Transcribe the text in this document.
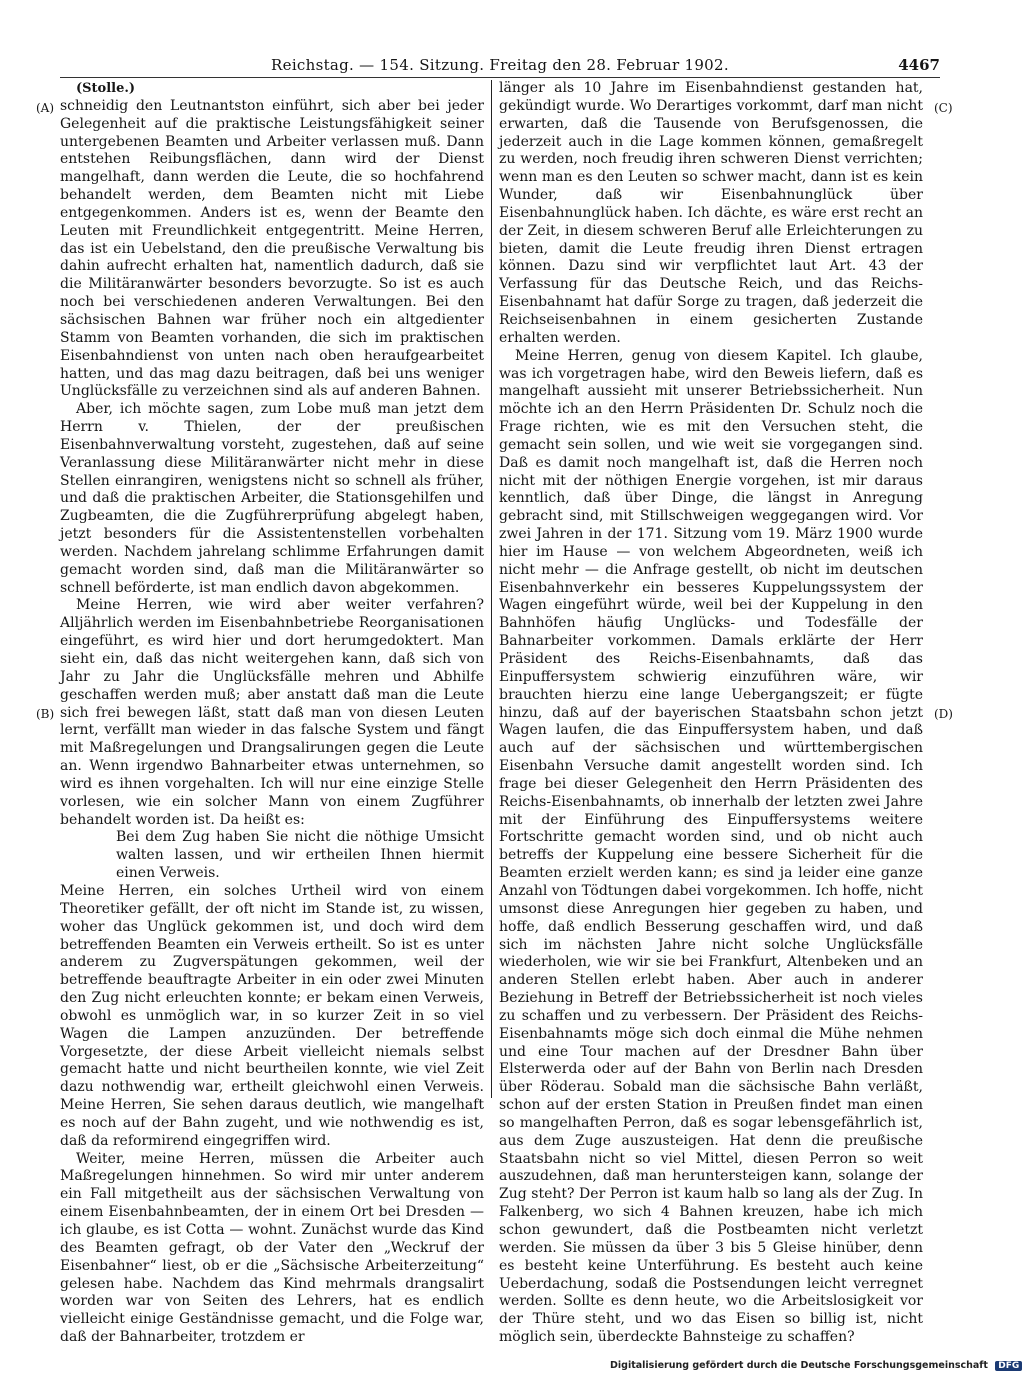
Reichstag. — 154. Sitzung. Freitag den 28. Februar 1902.	4467
(A)
(B)
(C)
(D)

(Stolle.)

schneidig den Leutnantston einführt, sich aber bei jeder Gelegenheit auf die praktische Leistungsfähigkeit seiner untergebenen Beamten und Arbeiter verlassen muß. Dann entstehen Reibungsflächen, dann wird der Dienst mangelhaft, dann werden die Leute, die so hochfahrend behandelt werden, dem Beamten nicht mit Liebe entgegenkommen. Anders ist es, wenn der Beamte den Leuten mit Freundlichkeit entgegentritt. Meine Herren, das ist ein Uebelstand, den die preußische Verwaltung bis dahin aufrecht erhalten hat, namentlich dadurch, daß sie die Militäranwärter besonders bevorzugte. So ist es auch noch bei verschiedenen anderen Verwaltungen. Bei den sächsischen Bahnen war früher noch ein altgedienter Stamm von Beamten vorhanden, die sich im praktischen Eisenbahndienst von unten nach oben heraufgearbeitet hatten, und das mag dazu beitragen, daß bei uns weniger Unglücksfälle zu verzeichnen sind als auf anderen Bahnen.

Aber, ich möchte sagen, zum Lobe muß man jetzt dem Herrn v. Thielen, der der preußischen Eisenbahnverwaltung vorsteht, zugestehen, daß auf seine Veranlassung diese Militäranwärter nicht mehr in diese Stellen einrangiren, wenigstens nicht so schnell als früher, und daß die praktischen Arbeiter, die Stationsgehilfen und Zugbeamten, die die Zugführerprüfung abgelegt haben, jetzt besonders für die Assistentenstellen vorbehalten werden. Nachdem jahrelang schlimme Erfahrungen damit gemacht worden sind, daß man die Militäranwärter so schnell beförderte, ist man endlich davon abgekommen.

Meine Herren, wie wird aber weiter verfahren? Alljährlich werden im Eisenbahnbetriebe Reorganisationen eingeführt, es wird hier und dort herumgedoktert. Man sieht ein, daß das nicht weitergehen kann, daß sich von Jahr zu Jahr die Unglücksfälle mehren und Abhilfe geschaffen werden muß; aber anstatt daß man die Leute sich frei bewegen läßt, statt daß man von diesen Leuten lernt, verfällt man wieder in das falsche System und fängt mit Maßregelungen und Drangsalirungen gegen die Leute an. Wenn irgendwo Bahnarbeiter etwas unternehmen, so wird es ihnen vorgehalten. Ich will nur eine einzige Stelle vorlesen, wie ein solcher Mann von einem Zugführer behandelt worden ist. Da heißt es:

Bei dem Zug haben Sie nicht die nöthige Umsicht walten lassen, und wir ertheilen Ihnen hiermit einen Verweis.

Meine Herren, ein solches Urtheil wird von einem Theoretiker gefällt, der oft nicht im Stande ist, zu wissen, woher das Unglück gekommen ist, und doch wird dem betreffenden Beamten ein Verweis ertheilt. So ist es unter anderem zu Zugverspätungen gekommen, weil der betreffende beauftragte Arbeiter in ein oder zwei Minuten den Zug nicht erleuchten konnte; er bekam einen Verweis, obwohl es unmöglich war, in so kurzer Zeit in so viel Wagen die Lampen anzuzünden. Der betreffende Vorgesetzte, der diese Arbeit vielleicht niemals selbst gemacht hatte und nicht beurtheilen konnte, wie viel Zeit dazu nothwendig war, ertheilt gleichwohl einen Verweis. Meine Herren, Sie sehen daraus deutlich, wie mangelhaft es noch auf der Bahn zugeht, und wie nothwendig es ist, daß da reformirend eingegriffen wird.

Weiter, meine Herren, müssen die Arbeiter auch Maßregelungen hinnehmen. So wird mir unter anderem ein Fall mitgetheilt aus der sächsischen Verwaltung von einem Eisenbahnbeamten, der in einem Ort bei Dresden — ich glaube, es ist Cotta — wohnt. Zunächst wurde das Kind des Beamten gefragt, ob der Vater den „Weckruf der Eisenbahner“ liest, ob er die „Sächsische Arbeiterzeitung“ gelesen habe. Nachdem das Kind mehrmals drangsalirt worden war von Seiten des Lehrers, hat es endlich vielleicht einige Geständnisse gemacht, und die Folge war, daß der Bahnarbeiter, trotzdem er

länger als 10 Jahre im Eisenbahndienst gestanden hat, gekündigt wurde. Wo Derartiges vorkommt, darf man nicht erwarten, daß die Tausende von Berufsgenossen, die jederzeit auch in die Lage kommen können, gemaßregelt zu werden, noch freudig ihren schweren Dienst verrichten; wenn man es den Leuten so schwer macht, dann ist es kein Wunder, daß wir Eisenbahnunglück über Eisenbahnunglück haben. Ich dächte, es wäre erst recht an der Zeit, in diesem schweren Beruf alle Erleichterungen zu bieten, damit die Leute freudig ihren Dienst ertragen können. Dazu sind wir verpflichtet laut Art. 43 der Verfassung für das Deutsche Reich, und das Reichs-Eisenbahnamt hat dafür Sorge zu tragen, daß jederzeit die Reichseisenbahnen in einem gesicherten Zustande erhalten werden.

Meine Herren, genug von diesem Kapitel. Ich glaube, was ich vorgetragen habe, wird den Beweis liefern, daß es mangelhaft aussieht mit unserer Betriebssicherheit. Nun möchte ich an den Herrn Präsidenten Dr. Schulz noch die Frage richten, wie es mit den Versuchen steht, die gemacht sein sollen, und wie weit sie vorgegangen sind. Daß es damit noch mangelhaft ist, daß die Herren noch nicht mit der nöthigen Energie vorgehen, ist mir daraus kenntlich, daß über Dinge, die längst in Anregung gebracht sind, mit Stillschweigen weggegangen wird. Vor zwei Jahren in der 171. Sitzung vom 19. März 1900 wurde hier im Hause — von welchem Abgeordneten, weiß ich nicht mehr — die Anfrage gestellt, ob nicht im deutschen Eisenbahnverkehr ein besseres Kuppelungssystem der Wagen eingeführt würde, weil bei der Kuppelung in den Bahnhöfen häufig Unglücks- und Todesfälle der Bahnarbeiter vorkommen. Damals erklärte der Herr Präsident des Reichs-Eisenbahnamts, daß das Einpuffersystem schwierig einzuführen wäre, wir brauchten hierzu eine lange Uebergangszeit; er fügte hinzu, daß auf der bayerischen Staatsbahn schon jetzt Wagen laufen, die das Einpuffersystem haben, und daß auch auf der sächsischen und württembergischen Eisenbahn Versuche damit angestellt worden sind. Ich frage bei dieser Gelegenheit den Herrn Präsidenten des Reichs-Eisenbahnamts, ob innerhalb der letzten zwei Jahre mit der Einführung des Einpuffersystems weitere Fortschritte gemacht worden sind, und ob nicht auch betreffs der Kuppelung eine bessere Sicherheit für die Beamten erzielt werden kann; es sind ja leider eine ganze Anzahl von Tödtungen dabei vorgekommen. Ich hoffe, nicht umsonst diese Anregungen hier gegeben zu haben, und hoffe, daß endlich Besserung geschaffen wird, und daß sich im nächsten Jahre nicht solche Unglücksfälle wiederholen, wie wir sie bei Frankfurt, Altenbeken und an anderen Stellen erlebt haben. Aber auch in anderer Beziehung in Betreff der Betriebssicherheit ist noch vieles zu schaffen und zu verbessern. Der Präsident des Reichs-Eisenbahnamts möge sich doch einmal die Mühe nehmen und eine Tour machen auf der Dresdner Bahn über Elsterwerda oder auf der Bahn von Berlin nach Dresden über Röderau. Sobald man die sächsische Bahn verläßt, schon auf der ersten Station in Preußen findet man einen so mangelhaften Perron, daß es sogar lebensgefährlich ist, aus dem Zuge auszusteigen. Hat denn die preußische Staatsbahn nicht so viel Mittel, diesen Perron so weit auszudehnen, daß man heruntersteigen kann, solange der Zug steht? Der Perron ist kaum halb so lang als der Zug. In Falkenberg, wo sich 4 Bahnen kreuzen, habe ich mich schon gewundert, daß die Postbeamten nicht verletzt werden. Sie müssen da über 3 bis 5 Gleise hinüber, denn es besteht keine Unterführung. Es besteht auch keine Ueberdachung, sodaß die Postsendungen leicht verregnet werden. Sollte es denn heute, wo die Arbeitslosigkeit vor der Thüre steht, und wo das Eisen so billig ist, nicht möglich sein, überdeckte Bahnsteige zu schaffen?

Digitalisierung gefördert durch die Deutsche Forschungsgemeinschaft DFG
